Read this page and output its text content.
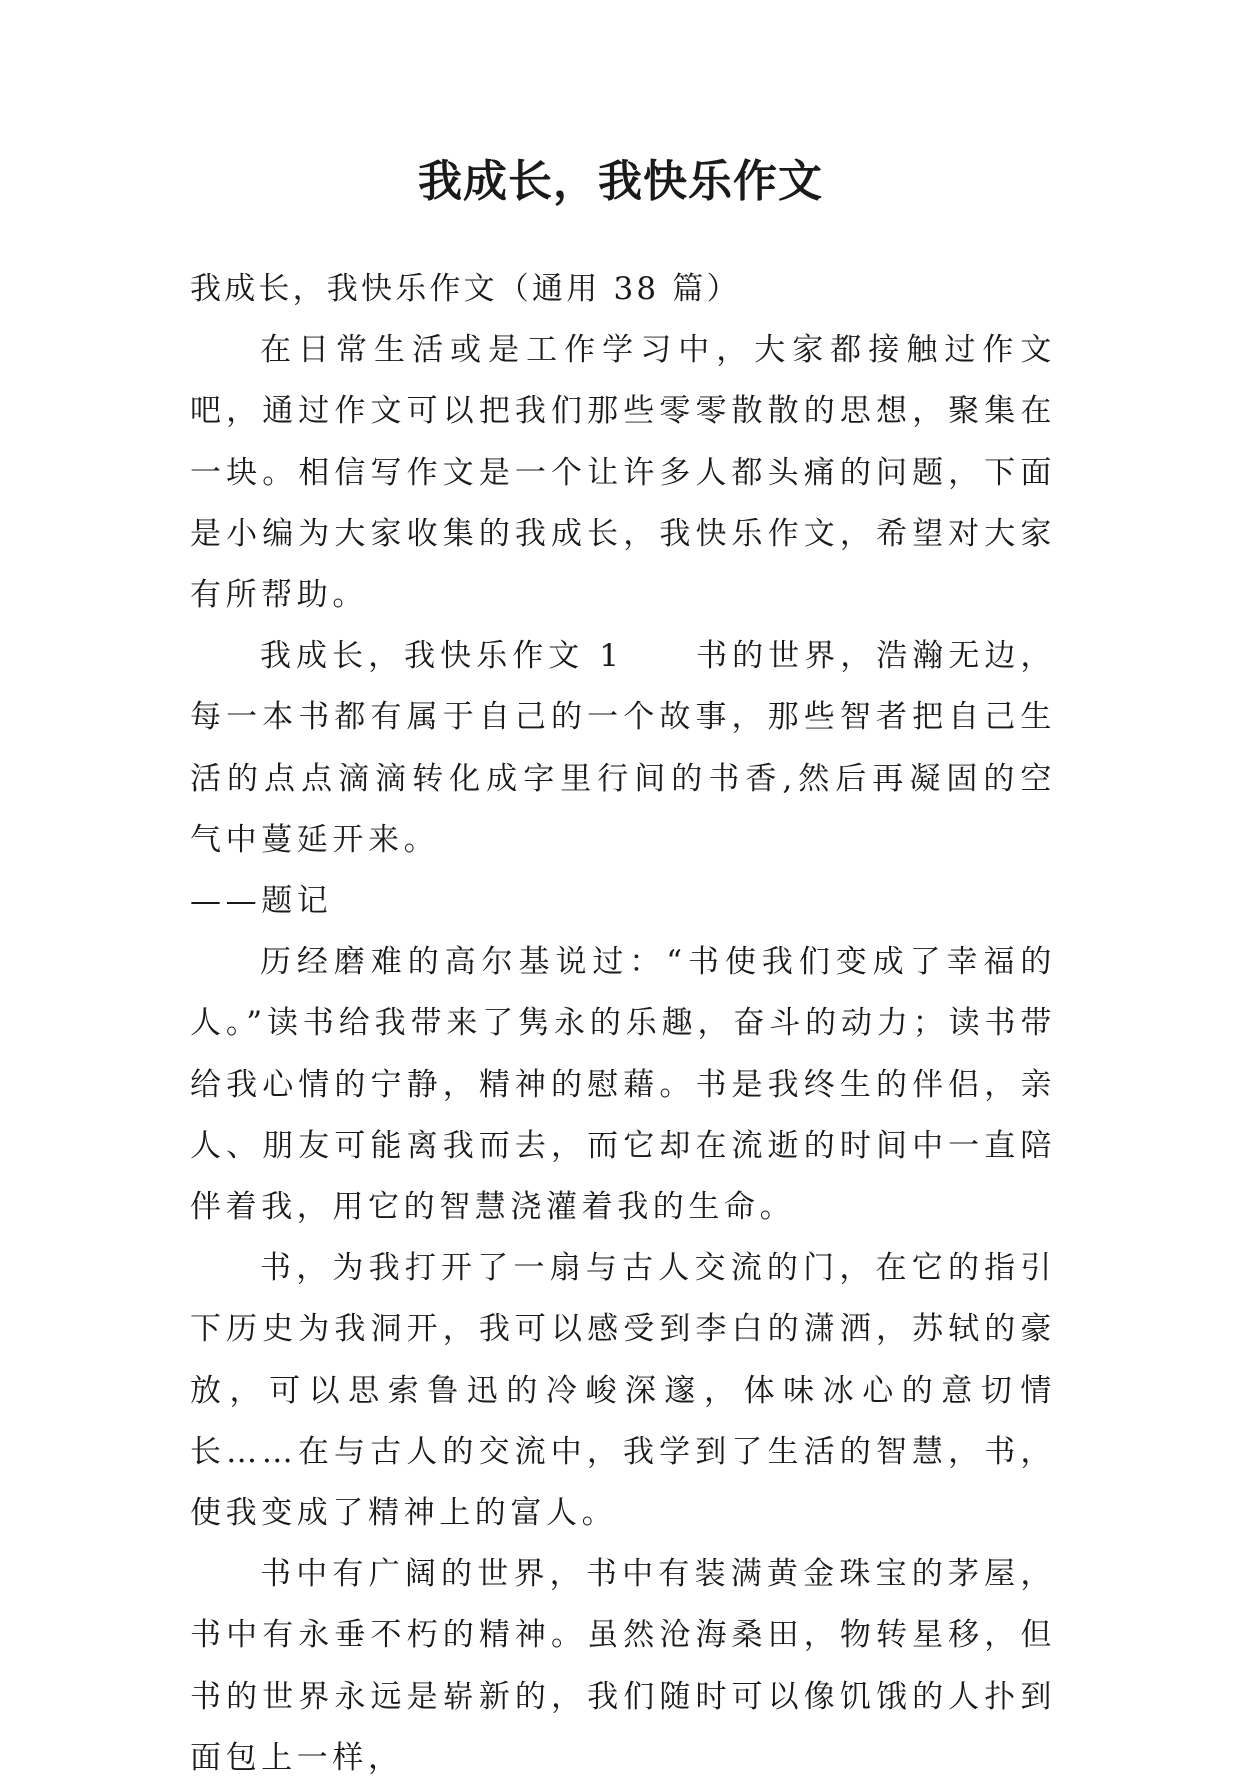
我成长，我快乐作文

我成长，我快乐作文（通用 38 篇）

在日常生活或是工作学习中，大家都接触过作文吧，通过作文可以把我们那些零零散散的思想，聚集在一块。相信写作文是一个让许多人都头痛的问题，下面是小编为大家收集的我成长，我快乐作文，希望对大家有所帮助。

我成长，我快乐作文 1　　书的世界，浩瀚无边，每一本书都有属于自己的一个故事，那些智者把自己生活的点点滴滴转化成字里行间的书香,然后再凝固的空气中蔓延开来。

——题记

历经磨难的高尔基说过：“书使我们变成了幸福的人。”读书给我带来了隽永的乐趣，奋斗的动力；读书带给我心情的宁静，精神的慰藉。书是我终生的伴侣，亲人、朋友可能离我而去，而它却在流逝的时间中一直陪伴着我，用它的智慧浇灌着我的生命。

书，为我打开了一扇与古人交流的门，在它的指引下历史为我洞开，我可以感受到李白的潇洒，苏轼的豪放，可以思索鲁迅的冷峻深邃，体味冰心的意切情长……在与古人的交流中，我学到了生活的智慧，书，使我变成了精神上的富人。

书中有广阔的世界，书中有装满黄金珠宝的茅屋，书中有永垂不朽的精神。虽然沧海桑田，物转星移，但书的世界永远是崭新的，我们随时可以像饥饿的人扑到面包上一样，
